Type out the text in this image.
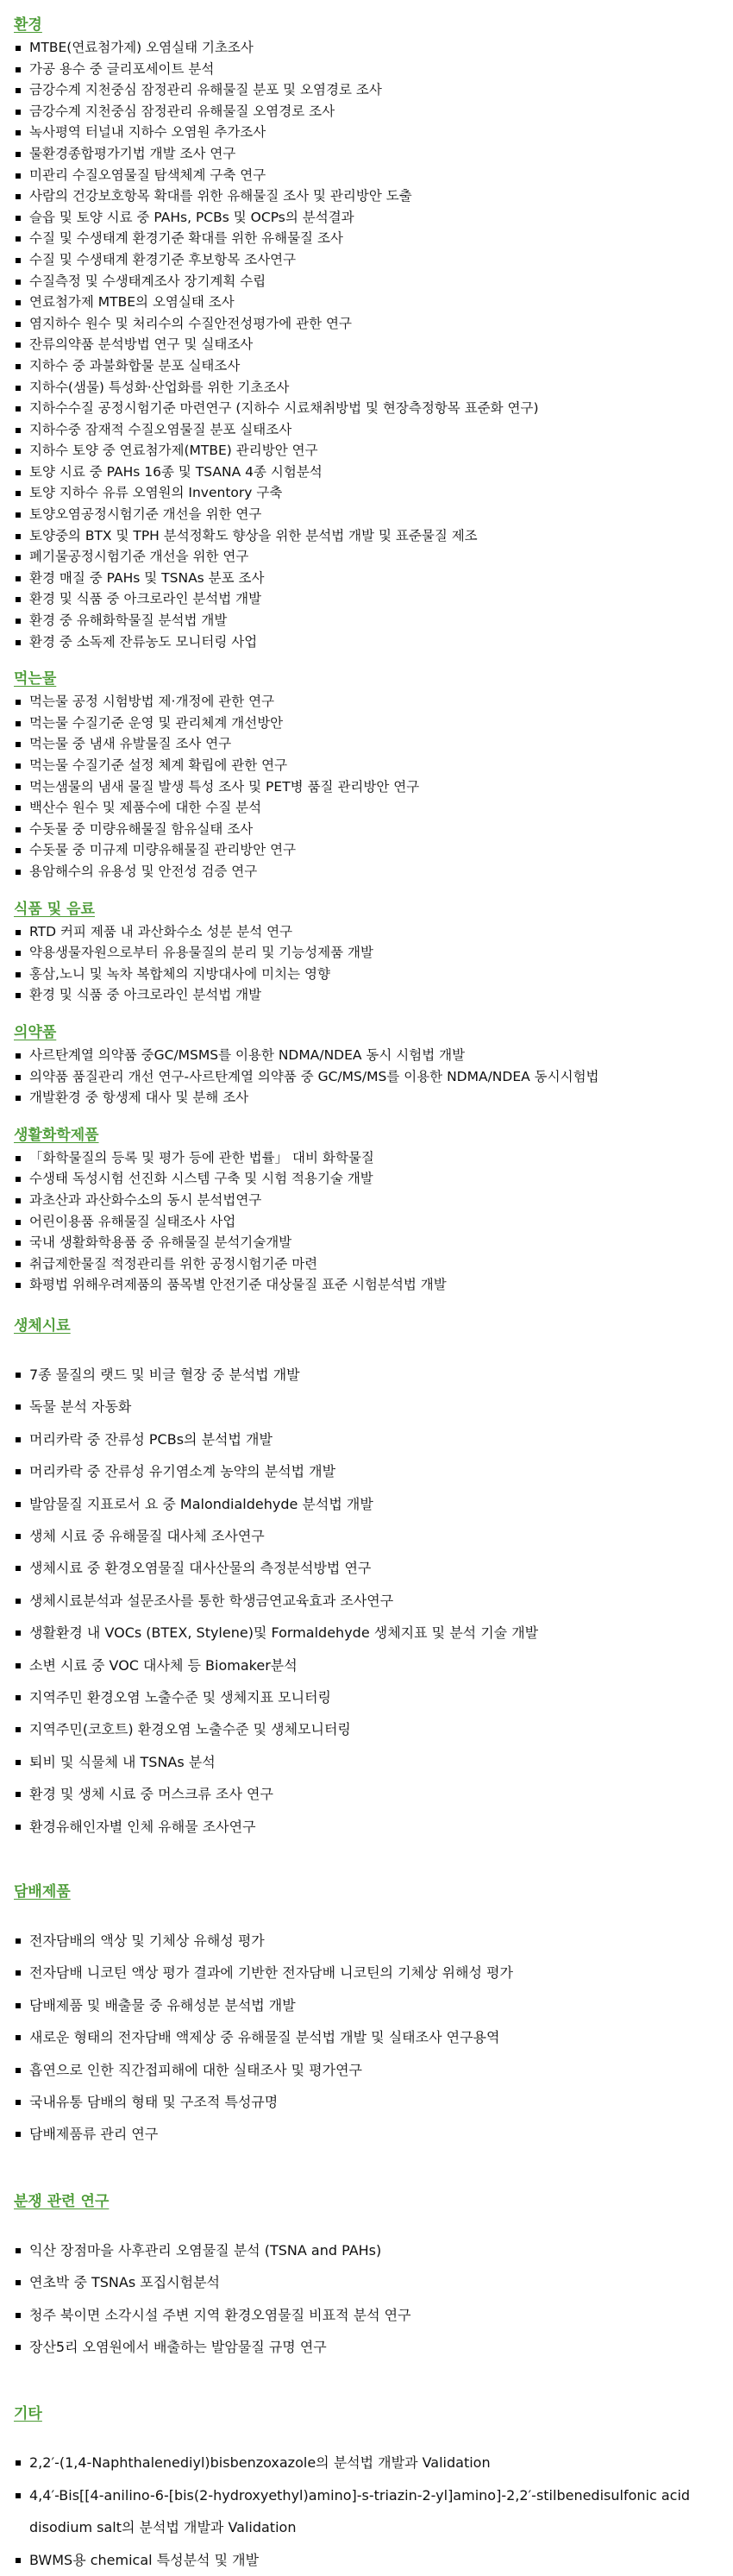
환경
MTBE(연료첨가제) 오염실태 기초조사
가공 용수 중 글리포세이트 분석
금강수계 지천중심 잠정관리 유해물질 분포 및 오염경로 조사
금강수계 지천중심 잠정관리 유해물질 오염경로 조사
녹사평역 터널내 지하수 오염원 추가조사
물환경종합평가기법 개발 조사 연구
미관리 수질오염물질 탐색체계 구축 연구
사람의 건강보호항목 확대를 위한 유해물질 조사 및 관리방안 도출
슬읍 및 토양 시료 중 PAHs, PCBs 및 OCPs의 분석결과
수질 및 수생태계 환경기준 확대를 위한 유해물질 조사
수질 및 수생태계 환경기준 후보항목 조사연구
수질측정 및 수생태계조사 장기계획 수립
연료첨가제 MTBE의 오염실태 조사
염지하수 원수 및 처리수의 수질안전성평가에 관한 연구
잔류의약품 분석방법 연구 및 실태조사
지하수 중 과불화합물 분포 실태조사
지하수(샘물) 특성화·산업화를 위한 기초조사
지하수수질 공정시험기준 마련연구 (지하수 시료채취방법 및 현장측정항목 표준화 연구)
지하수중 잠재적 수질오염물질 분포 실태조사
지하수 토양 중 연료첨가제(MTBE) 관리방안 연구
토양 시료 중 PAHs 16종 및 TSANA 4종 시험분석
토양 지하수 유류 오염원의 Inventory 구축
토양오염공정시험기준 개선을 위한 연구
토양중의 BTX 및 TPH 분석정확도 향상을 위한 분석법 개발 및 표준물질 제조
폐기물공정시험기준 개선을 위한 연구
환경 매질 중 PAHs 및 TSNAs 분포 조사
환경 및 식품 중 아크로라인 분석법 개발
환경 중 유해화학물질 분석법 개발
환경 중 소독제 잔류농도 모니터링 사업
먹는물
먹는물 공정 시험방법 제·개정에 관한 연구
먹는물 수질기준 운영 및 관리체계 개선방안
먹는물 중 냄새 유발물질 조사 연구
먹는물 수질기준 설정 체계 확립에 관한 연구
먹는샘물의 냄새 물질 발생 특성 조사 및 PET병 품질 관리방안 연구
백산수 원수 및 제품수에 대한 수질 분석
수돗물 중 미량유해물질 함유실태 조사
수돗물 중 미규제 미량유해물질 관리방안 연구
용암해수의 유용성 및 안전성 검증 연구
식품 및 음료
RTD 커피 제품 내 과산화수소 성분 분석 연구
약용생물자원으로부터 유용물질의 분리 및 기능성제품 개발
홍삼,노니 및 녹차 복합체의 지방대사에 미치는 영향
환경 및 식품 중 아크로라인 분석법 개발
의약품
사르탄계열 의약품 중GC/MSMS를 이용한 NDMA/NDEA 동시 시험법 개발
의약품 품질관리 개선 연구-사르탄계열 의약품 중 GC/MS/MS를 이용한 NDMA/NDEA 동시시험법
개발환경 중 항생제 대사 및 분해 조사
생활화학제품
「화학물질의 등록 및 평가 등에 관한 법률」 대비 화학물질
수생태 독성시험 선진화 시스템 구축 및 시험 적용기술 개발
과초산과 과산화수소의 동시 분석법연구
어린이용품 유해물질 실태조사 사업
국내 생활화학용품 중 유해물질 분석기술개발
취급제한물질 적정관리를 위한 공정시험기준 마련
화평법 위해우려제품의 품목별 안전기준 대상물질 표준 시험분석법 개발
생체시료
7종 물질의 랫드 및 비글 혈장 중 분석법 개발
독물 분석 자동화
머리카락 중 잔류성 PCBs의 분석법 개발
머리카락 중 잔류성 유기염소계 농약의 분석법 개발
발암물질 지표로서 요 중 Malondialdehyde 분석법 개발
생체 시료 중 유해물질 대사체 조사연구
생체시료 중 환경오염물질 대사산물의 측정분석방법 연구
생체시료분석과 설문조사를 통한 학생금연교육효과 조사연구
생활환경 내 VOCs (BTEX, Stylene)및 Formaldehyde 생체지표 및 분석 기술 개발
소변 시료 중 VOC 대사체 등 Biomaker분석
지역주민 환경오염 노출수준 및 생체지표 모니터링
지역주민(코호트) 환경오염 노출수준 및 생체모니터링
퇴비 및 식물체 내 TSNAs 분석
환경 및 생체 시료 중 머스크류 조사 연구
환경유해인자별 인체 유해물 조사연구
담배제품
전자담배의 액상 및 기체상 유해성 평가
전자담배 니코틴 액상 평가 결과에 기반한 전자담배 니코틴의 기체상 위해성 평가
담배제품 및 배출물 중 유해성분 분석법 개발
새로운 형태의 전자담배 액제상 중 유해물질 분석법 개발 및 실태조사 연구용역
흡연으로 인한 직간접피해에 대한 실태조사 및 평가연구
국내유통 담배의 형태 및 구조적 특성규명
담배제품류 관리 연구
분쟁 관련 연구
익산 장점마을 사후관리 오염물질 분석 (TSNA and PAHs)
연초박 중 TSNAs 포집시험분석
청주 북이면 소각시설 주변 지역 환경오염물질 비표적 분석 연구
장산5리 오염원에서 배출하는 발암물질 규명 연구
기타
2,2′-(1,4-Naphthalenediyl)bisbenzoxazole의 분석법 개발과 Validation
4,4′-Bis[[4-anilino-6-[bis(2-hydroxyethyl)amino]-s-triazin-2-yl]amino]-2,2′-stilbenedisulfonic acid disodium salt의 분석법 개발과 Validation
BWMS용 chemical 특성분석 및 개발
